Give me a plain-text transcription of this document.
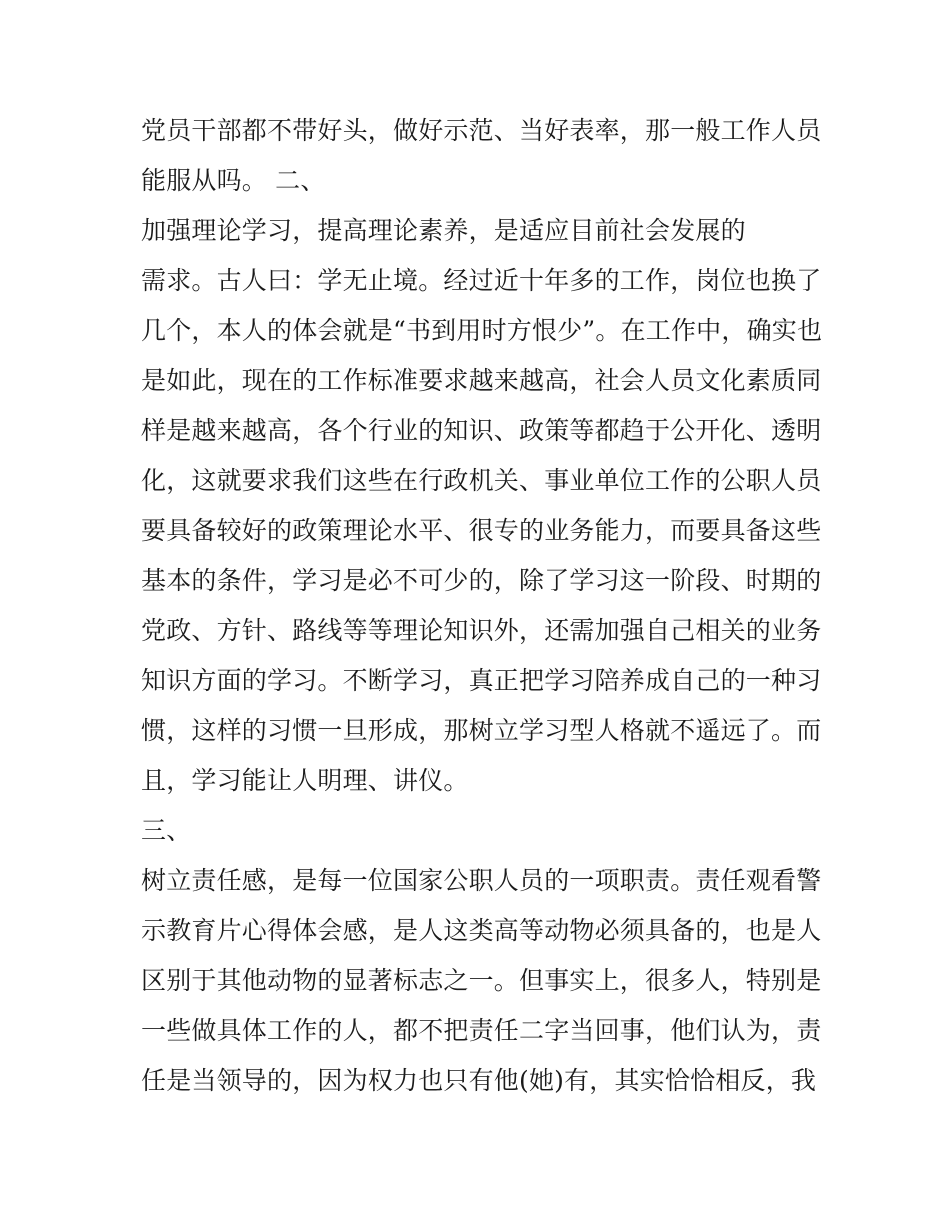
党员干部都不带好头，做好示范、当好表率，那一般工作人员
能服从吗。 二、
加强理论学习，提高理论素养，是适应目前社会发展的
需求。古人曰：学无止境。经过近十年多的工作，岗位也换了
几个，本人的体会就是“书到用时方恨少”。在工作中，确实也
是如此，现在的工作标准要求越来越高，社会人员文化素质同
样是越来越高，各个行业的知识、政策等都趋于公开化、透明
化，这就要求我们这些在行政机关、事业单位工作的公职人员
要具备较好的政策理论水平、很专的业务能力，而要具备这些
基本的条件，学习是必不可少的，除了学习这一阶段、时期的
党政、方针、路线等等理论知识外，还需加强自己相关的业务
知识方面的学习。不断学习，真正把学习陪养成自己的一种习
惯，这样的习惯一旦形成，那树立学习型人格就不遥远了。而
且，学习能让人明理、讲仪。
三、
树立责任感，是每一位国家公职人员的一项职责。责任观看警
示教育片心得体会感，是人这类高等动物必须具备的，也是人
区别于其他动物的显著标志之一。但事实上，很多人，特别是
一些做具体工作的人，都不把责任二字当回事，他们认为，责
任是当领导的，因为权力也只有他(她)有，其实恰恰相反，我
